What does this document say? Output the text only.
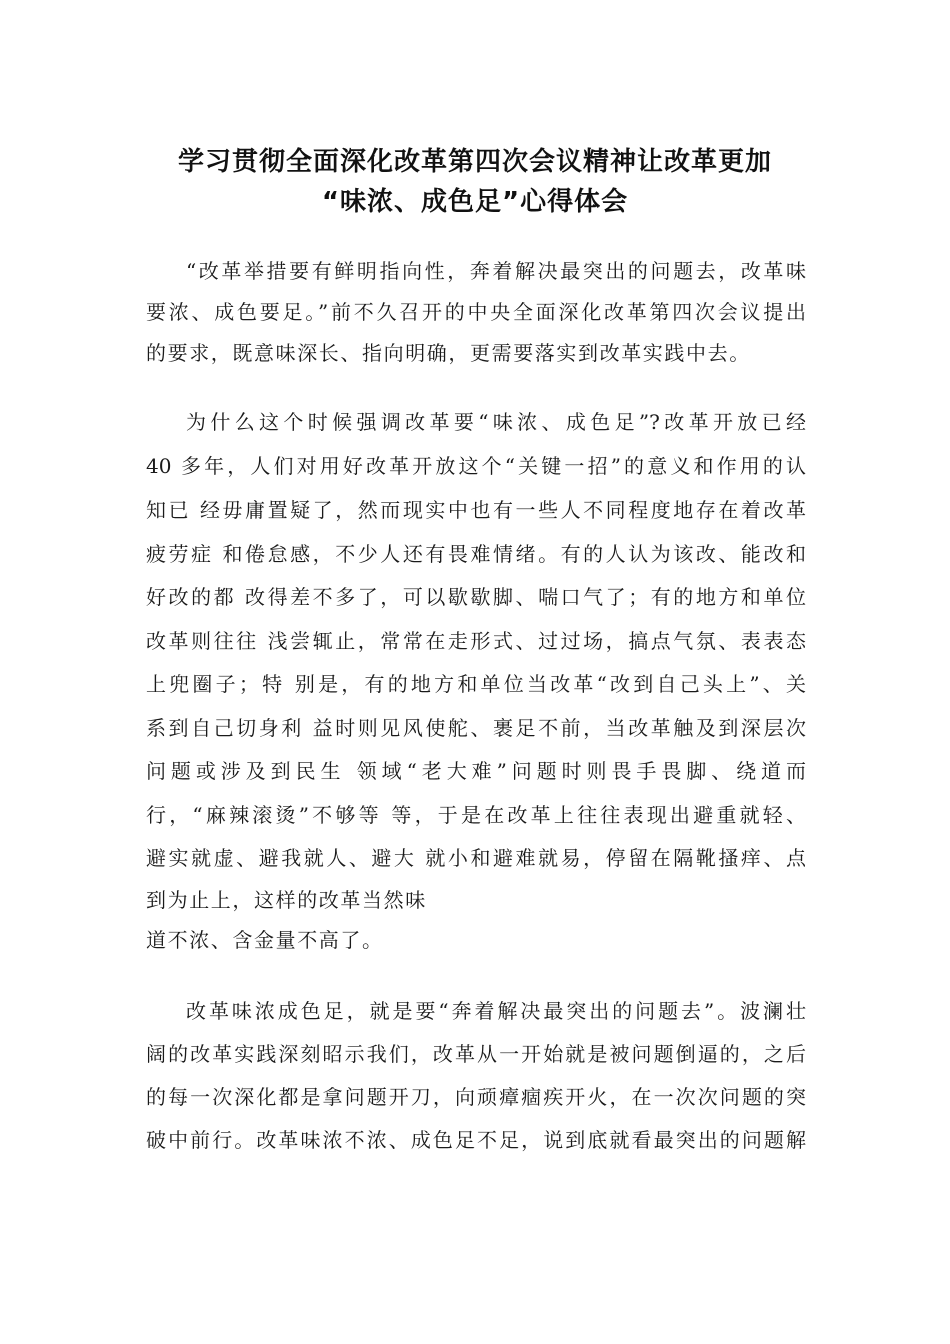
学习贯彻全面深化改革第四次会议精神让改革更加
“味浓、成色足”心得体会
“改革举措要有鲜明指向性，奔着解决最突出的问题去，改革味
要浓、成色要足。”前不久召开的中央全面深化改革第四次会议提出
的要求，既意味深长、指向明确，更需要落实到改革实践中去。
为什么这个时候强调改革要“味浓、成色足”?改革开放已经
40 多年，人们对用好改革开放这个“关键一招”的意义和作用的认
知已 经毋庸置疑了，然而现实中也有一些人不同程度地存在着改革
疲劳症 和倦怠感，不少人还有畏难情绪。有的人认为该改、能改和
好改的都 改得差不多了，可以歇歇脚、喘口气了；有的地方和单位
改革则往往 浅尝辄止，常常在走形式、过过场，搞点气氛、表表态
上兜圈子；特 别是，有的地方和单位当改革“改到自己头上”、关
系到自己切身利 益时则见风使舵、裹足不前，当改革触及到深层次
问题或涉及到民生 领域“老大难”问题时则畏手畏脚、绕道而
行，“麻辣滚烫”不够等 等，于是在改革上往往表现出避重就轻、
避实就虚、避我就人、避大 就小和避难就易，停留在隔靴搔痒、点
到为止上，这样的改革当然味
道不浓、含金量不高了。
改革味浓成色足，就是要“奔着解决最突出的问题去”。波澜壮
阔的改革实践深刻昭示我们，改革从一开始就是被问题倒逼的，之后
的每一次深化都是拿问题开刀，向顽瘴痼疾开火，在一次次问题的突
破中前行。改革味浓不浓、成色足不足，说到底就看最突出的问题解
